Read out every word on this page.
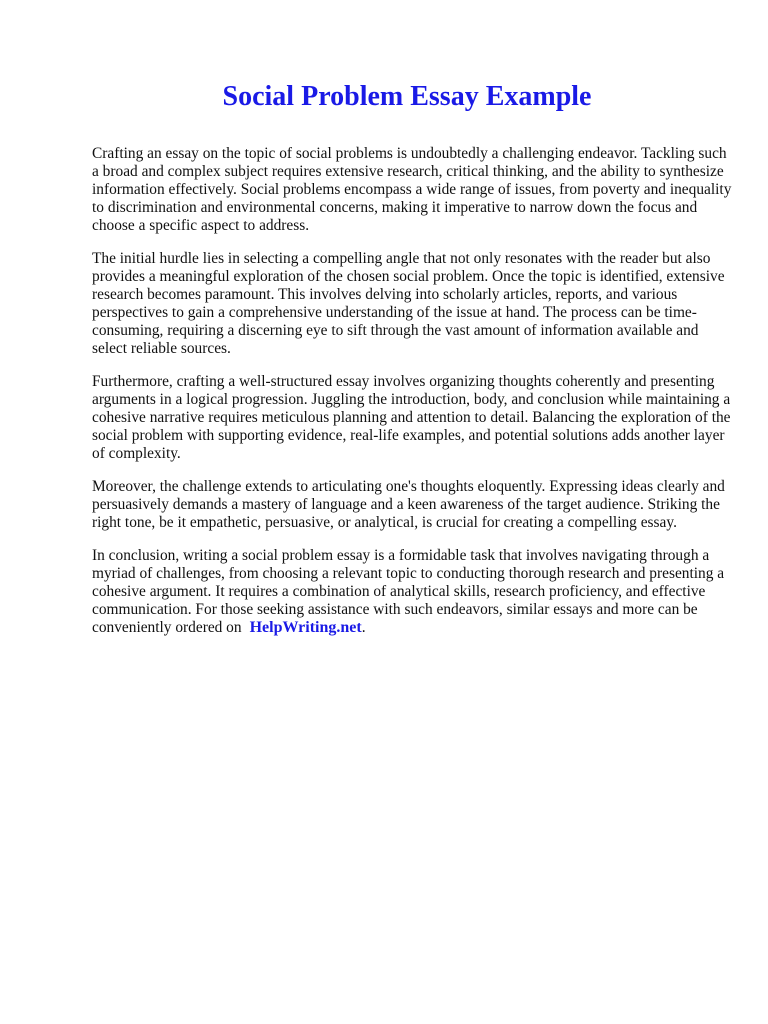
Social Problem Essay Example

Crafting an essay on the topic of social problems is undoubtedly a challenging endeavor. Tackling such a broad and complex subject requires extensive research, critical thinking, and the ability to synthesize information effectively. Social problems encompass a wide range of issues, from poverty and inequality to discrimination and environmental concerns, making it imperative to narrow down the focus and choose a specific aspect to address.

The initial hurdle lies in selecting a compelling angle that not only resonates with the reader but also provides a meaningful exploration of the chosen social problem. Once the topic is identified, extensive research becomes paramount. This involves delving into scholarly articles, reports, and various perspectives to gain a comprehensive understanding of the issue at hand. The process can be time-consuming, requiring a discerning eye to sift through the vast amount of information available and select reliable sources.

Furthermore, crafting a well-structured essay involves organizing thoughts coherently and presenting arguments in a logical progression. Juggling the introduction, body, and conclusion while maintaining a cohesive narrative requires meticulous planning and attention to detail. Balancing the exploration of the social problem with supporting evidence, real-life examples, and potential solutions adds another layer of complexity.

Moreover, the challenge extends to articulating one's thoughts eloquently. Expressing ideas clearly and persuasively demands a mastery of language and a keen awareness of the target audience. Striking the right tone, be it empathetic, persuasive, or analytical, is crucial for creating a compelling essay.

In conclusion, writing a social problem essay is a formidable task that involves navigating through a myriad of challenges, from choosing a relevant topic to conducting thorough research and presenting a cohesive argument. It requires a combination of analytical skills, research proficiency, and effective communication. For those seeking assistance with such endeavors, similar essays and more can be conveniently ordered on HelpWriting.net.
